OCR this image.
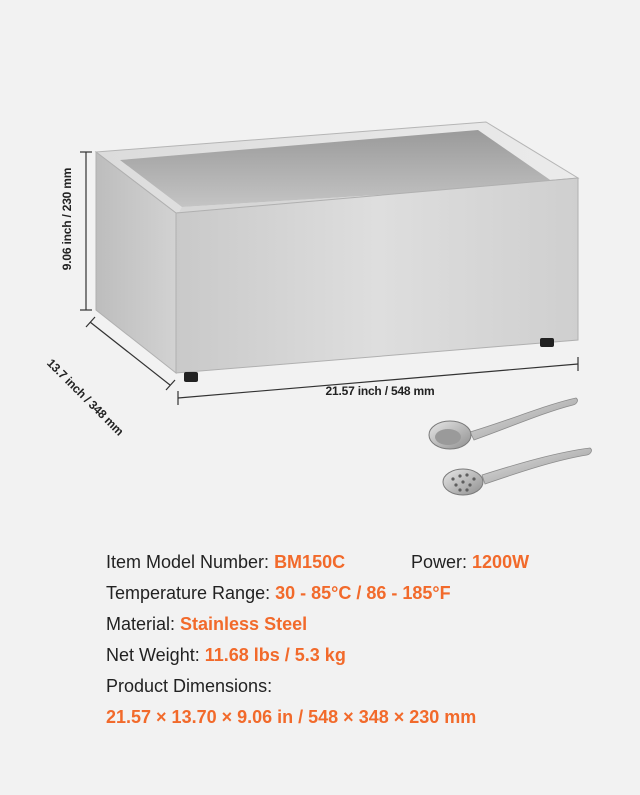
9.06 inch / 230 mm
13.7 inch / 348 mm	21.57 inch / 548 mm
Item Model Number: BM150C	Power: 1200W
Temperature Range: 30 - 85°C / 86 - 185°F
Material: Stainless Steel
Net Weight: 11.68 lbs / 5.3 kg
Product Dimensions:
21.57 × 13.70 × 9.06 in / 548 × 348 × 230 mm
